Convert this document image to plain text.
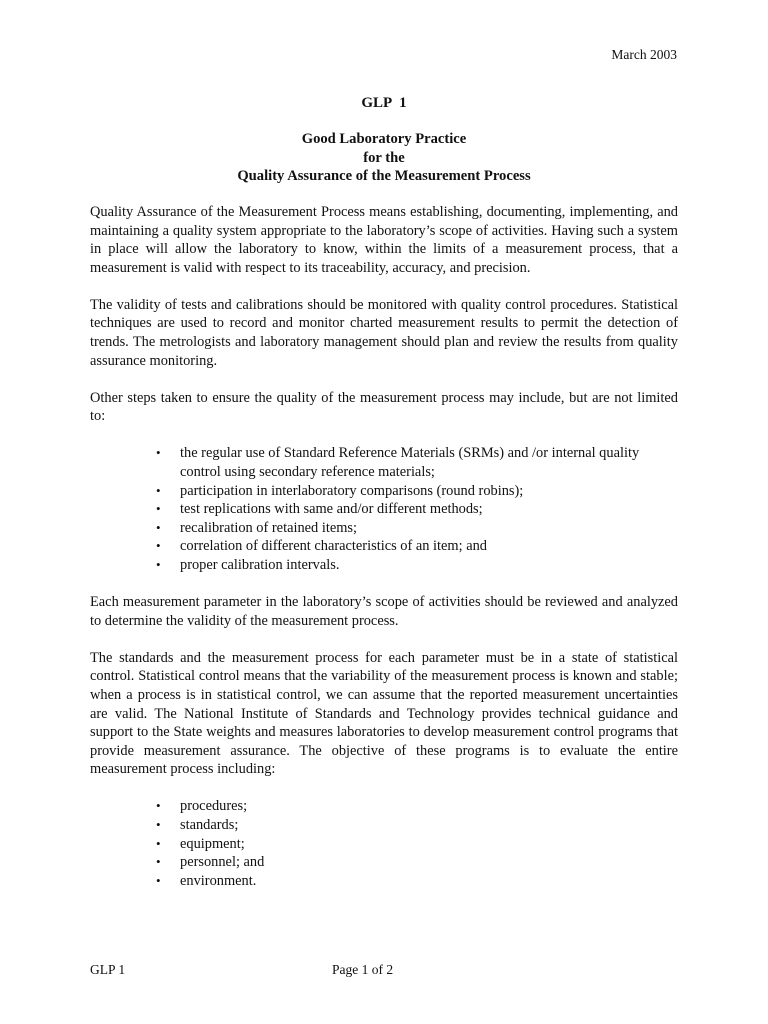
March 2003
GLP 1
Good Laboratory Practice
for the
Quality Assurance of the Measurement Process

Quality Assurance of the Measurement Process means establishing, documenting, implementing, and maintaining a quality system appropriate to the laboratory’s scope of activities. Having such a system in place will allow the laboratory to know, within the limits of a measurement process, that a measurement is valid with respect to its traceability, accuracy, and precision.

The validity of tests and calibrations should be monitored with quality control procedures. Statistical techniques are used to record and monitor charted measurement results to permit the detection of trends. The metrologists and laboratory management should plan and review the results from quality assurance monitoring.

Other steps taken to ensure the quality of the measurement process may include, but are not limited to:

• the regular use of Standard Reference Materials (SRMs) and /or internal quality control using secondary reference materials;
• participation in interlaboratory comparisons (round robins);
• test replications with same and/or different methods;
• recalibration of retained items;
• correlation of different characteristics of an item; and
• proper calibration intervals.

Each measurement parameter in the laboratory’s scope of activities should be reviewed and analyzed to determine the validity of the measurement process.

The standards and the measurement process for each parameter must be in a state of statistical control. Statistical control means that the variability of the measurement process is known and stable; when a process is in statistical control, we can assume that the reported measurement uncertainties are valid. The National Institute of Standards and Technology provides technical guidance and support to the State weights and measures laboratories to develop measurement control programs that provide measurement assurance. The objective of these programs is to evaluate the entire measurement process including:

• procedures;
• standards;
• equipment;
• personnel; and
• environment.
GLP 1	Page 1 of 2
